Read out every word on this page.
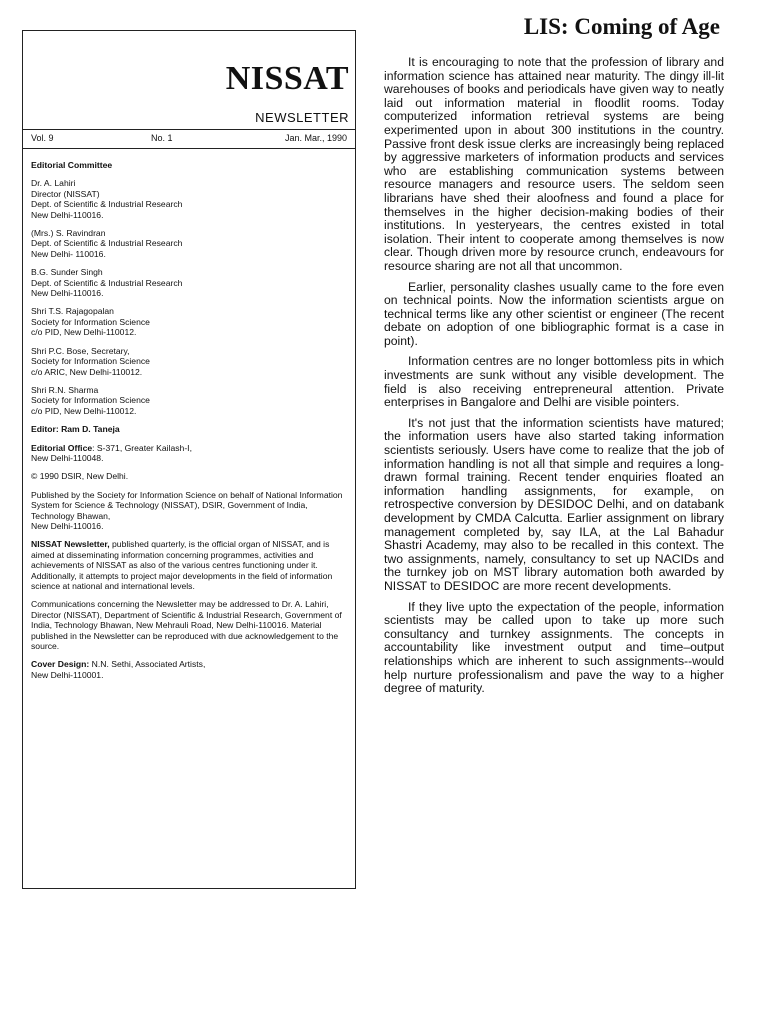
NISSAT
NEWSLETTER
Vol. 9	No. 1	Jan. Mar., 1990

Editorial Committee

Dr. A. Lahiri
Director (NISSAT)
Dept. of Scientific & Industrial Research
New Delhi-110016.

(Mrs.) S. Ravindran
Dept. of Scientific & Industrial Research
New Delhi- 110016.

B.G. Sunder Singh
Dept. of Scientific & Industrial Research
New Delhi-110016.

Shri T.S. Rajagopalan
Society for Information Science
c/o PID, New Delhi-110012.

Shri P.C. Bose, Secretary,
Society for Information Science
c/o ARIC, New Delhi-110012.

Shri R.N. Sharma
Society for Information Science
c/o PID, New Delhi-110012.

Editor: Ram D. Taneja

Editorial Office: S-371, Greater Kailash-I,
New Delhi-110048.

© 1990 DSIR, New Delhi.

Published by the Society for Information Science on behalf of National Information System for Science & Technology (NISSAT), DSIR, Government of India,
Technology Bhawan,
New Delhi-110016.

NISSAT Newsletter, published quarterly, is the official organ of NISSAT, and is aimed at disseminating information concerning programmes, activities and achievements of NISSAT as also of the various centres functioning under it. Additionally, it attempts to project major developments in the field of information science at national and international levels.

Communications concerning the Newsletter may be addressed to Dr. A. Lahiri, Director (NISSAT), Department of Scientific & Industrial Research, Government of India, Technology Bhawan, New Mehrauli Road, New Delhi-110016. Material published in the Newsletter can be reproduced with due acknowledgement to the source.

Cover Design: N.N. Sethi, Associated Artists,
New Delhi-110001.

LIS: Coming of Age

It is encouraging to note that the profession of library and information science has attained near maturity. The dingy ill-lit warehouses of books and periodicals have given way to neatly laid out information material in floodlit rooms. Today computerized information retrieval systems are being experimented upon in about 300 institutions in the country. Passive front desk issue clerks are increasingly being replaced by aggressive marketers of information products and services who are establishing communication systems between resource managers and resource users. The seldom seen librarians have shed their aloofness and found a place for themselves in the higher decision-making bodies of their institutions. In yesteryears, the centres existed in total isolation. Their intent to cooperate among themselves is now clear. Though driven more by resource crunch, endeavours for resource sharing are not all that uncommon.

Earlier, personality clashes usually came to the fore even on technical points. Now the information scientists argue on technical terms like any other scientist or engineer (The recent debate on adoption of one bibliographic format is a case in point).

Information centres are no longer bottomless pits in which investments are sunk without any visible development. The field is also receiving entrepreneural attention. Private enterprises in Bangalore and Delhi are visible pointers.

It's not just that the information scientists have matured; the information users have also started taking information scientists seriously. Users have come to realize that the job of information handling is not all that simple and requires a long-drawn formal training. Recent tender enquiries floated an information handling assignments, for example, on retrospective conversion by DESIDOC Delhi, and on databank development by CMDA Calcutta. Earlier assignment on library management completed by, say ILA, at the Lal Bahadur Shastri Academy, may also to be recalled in this context. The two assignments, namely, consultancy to set up NACIDs and the turnkey job on MST library automation both awarded by NISSAT to DESIDOC are more recent developments.

If they live upto the expectation of the people, information scientists may be called upon to take up more such consultancy and turnkey assignments. The concepts in accountability like investment output and time–output relationships which are inherent to such assignments--would help nurture professionalism and pave the way to a higher degree of maturity.
